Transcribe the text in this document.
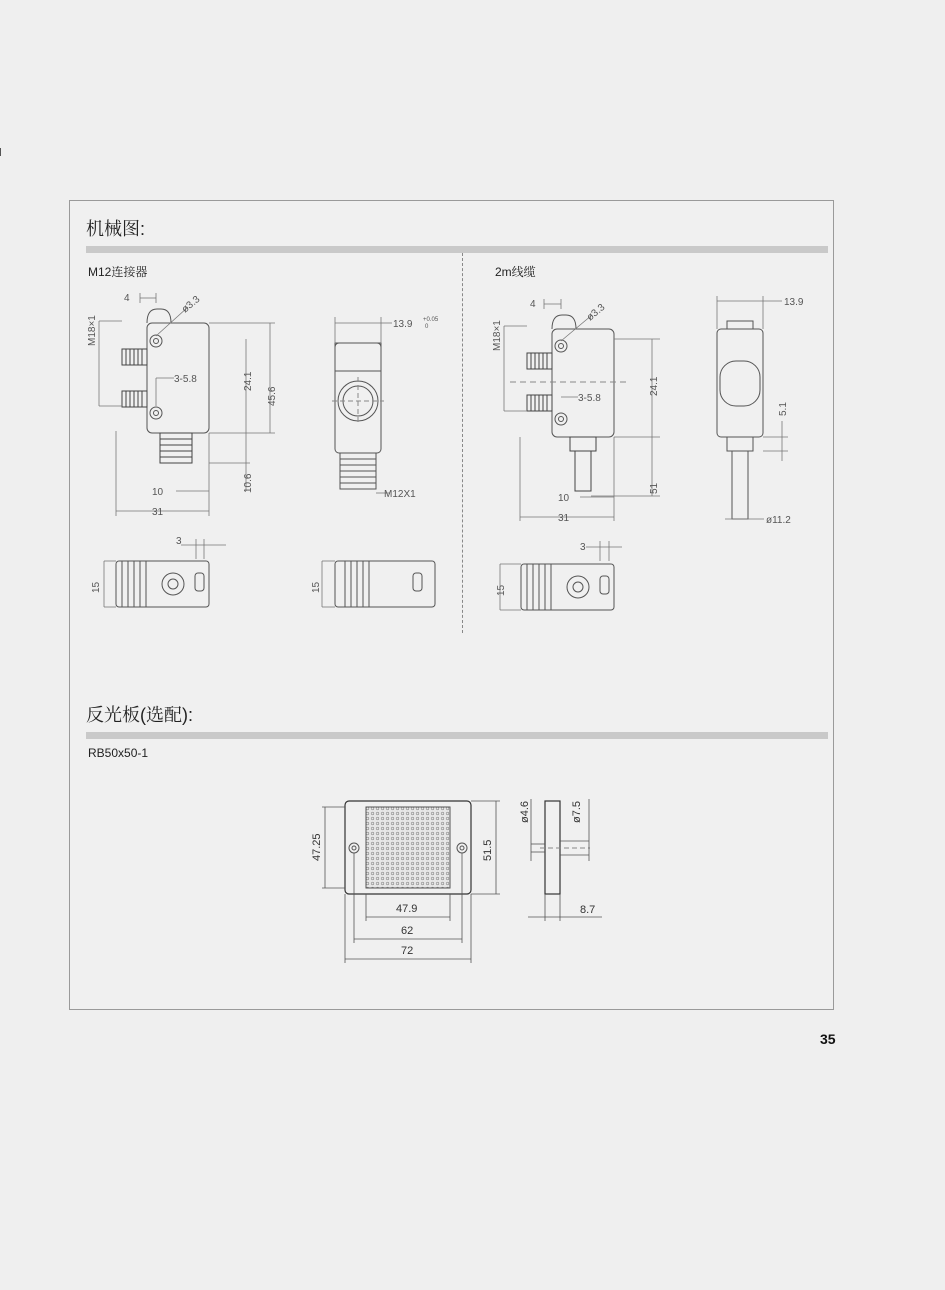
机械图:
M12连接器	2m线缆
反光板(选配):
RB50x50-1
4	ø3.3
M18×1
3-5.8	24.1
45.6
10.6
10
31
13.9 +0.05
0
M12X1
3
15	15
4	ø3.3
M18×1
3-5.8
24.1
51
10
31
13.9
5.1
ø11.2
3
15
47.25	51.5
47.9
62
72
ø4.6	ø7.5
8.7
35
